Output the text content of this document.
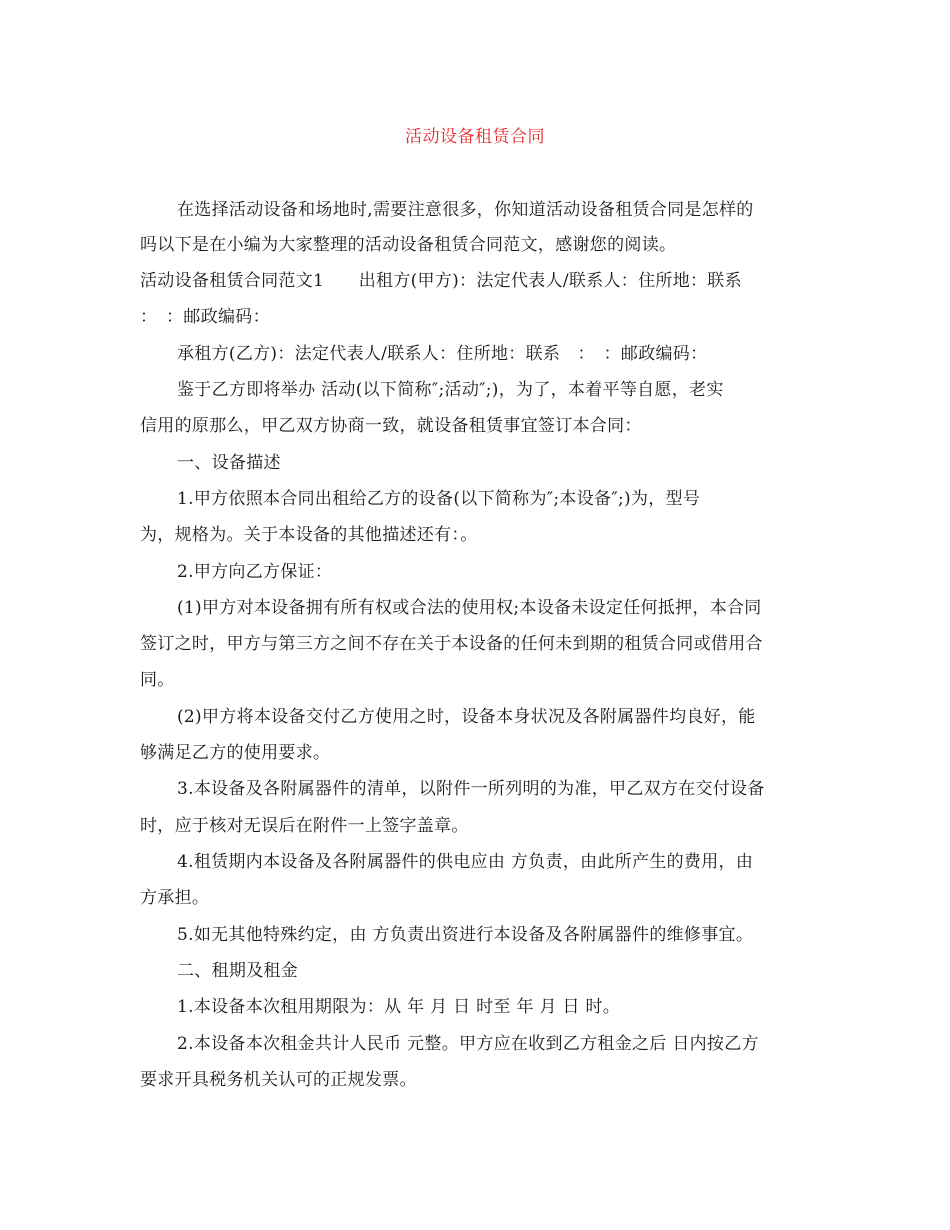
活动设备租赁合同
在选择活动设备和场地时,需要注意很多，你知道活动设备租赁合同是怎样的
吗以下是在小编为大家整理的活动设备租赁合同范文，感谢您的阅读。
活动设备租赁合同范文1　　出租方(甲方)：法定代表人/联系人：住所地：联系
：　：邮政编码：
承租方(乙方)：法定代表人/联系人：住所地：联系　：　：邮政编码：
鉴于乙方即将举办 活动(以下简称″;活动″;)，为了，本着平等自愿，老实
信用的原那么，甲乙双方协商一致，就设备租赁事宜签订本合同：
一、设备描述
1.甲方依照本合同出租给乙方的设备(以下简称为″;本设备″;)为，型号
为，规格为。关于本设备的其他描述还有：。
2.甲方向乙方保证：
(1)甲方对本设备拥有所有权或合法的使用权;本设备未设定任何抵押，本合同
签订之时，甲方与第三方之间不存在关于本设备的任何未到期的租赁合同或借用合
同。
(2)甲方将本设备交付乙方使用之时，设备本身状况及各附属器件均良好，能
够满足乙方的使用要求。
3.本设备及各附属器件的清单，以附件一所列明的为准，甲乙双方在交付设备
时，应于核对无误后在附件一上签字盖章。
4.租赁期内本设备及各附属器件的供电应由 方负责，由此所产生的费用，由
方承担。
5.如无其他特殊约定，由 方负责出资进行本设备及各附属器件的维修事宜。
二、租期及租金
1.本设备本次租用期限为：从 年 月 日 时至 年 月 日 时。
2.本设备本次租金共计人民币 元整。甲方应在收到乙方租金之后 日内按乙方
要求开具税务机关认可的正规发票。
